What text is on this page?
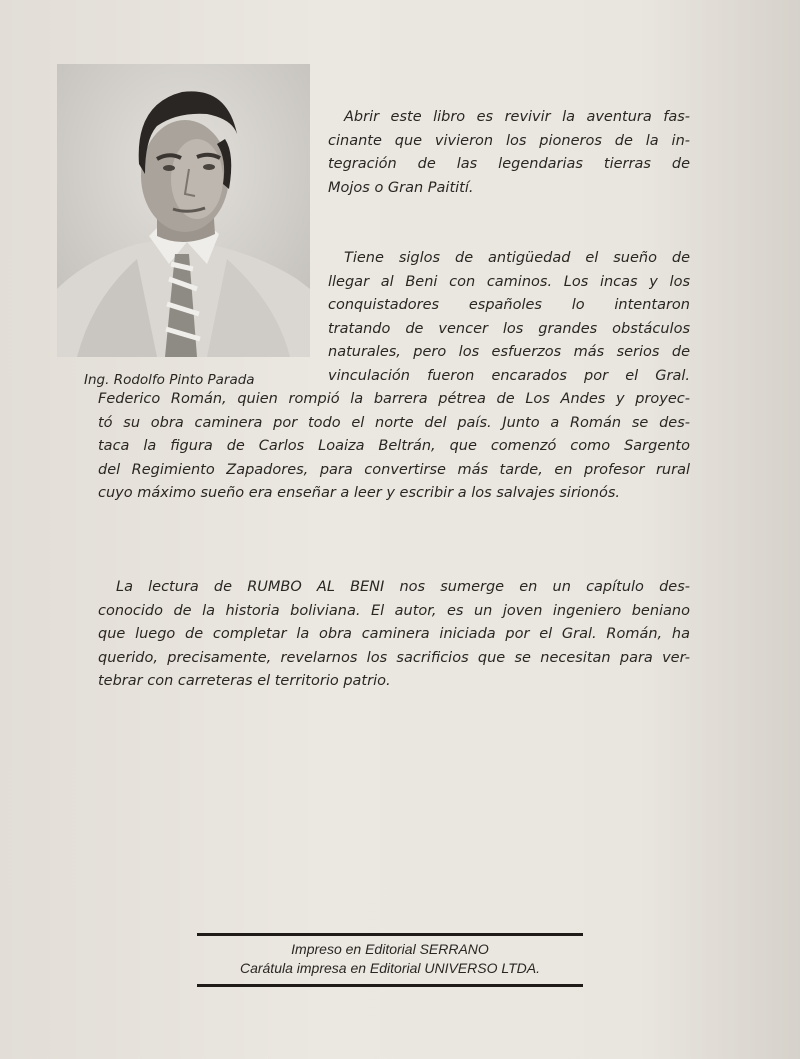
Ing. Rodolfo Pinto Parada
Abrir este libro es revivir la aventura fas-
cinante que vivieron los pioneros de la in-
tegración de las legendarias tierras de
Mojos o Gran Paitití.
Tiene siglos de antigüedad el sueño de
llegar al Beni con caminos. Los incas y los
conquistadores españoles lo intentaron
tratando de vencer los grandes obstáculos
naturales, pero los esfuerzos más serios de
vinculación fueron encarados por el Gral.
Federico Román, quien rompió la barrera pétrea de Los Andes y proyec-
tó su obra caminera por todo el norte del país. Junto a Román se des-
taca la figura de Carlos Loaiza Beltrán, que comenzó como Sargento
del Regimiento Zapadores, para convertirse más tarde, en profesor rural
cuyo máximo sueño era enseñar a leer y escribir a los salvajes sirionós.
La lectura de RUMBO AL BENI nos sumerge en un capítulo des-
conocido de la historia boliviana. El autor, es un joven ingeniero beniano
que luego de completar la obra caminera iniciada por el Gral. Román, ha
querido, precisamente, revelarnos los sacrificios que se necesitan para ver-
tebrar con carreteras el territorio patrio.
Impreso en Editorial SERRANO
Carátula impresa en Editorial UNIVERSO LTDA.
